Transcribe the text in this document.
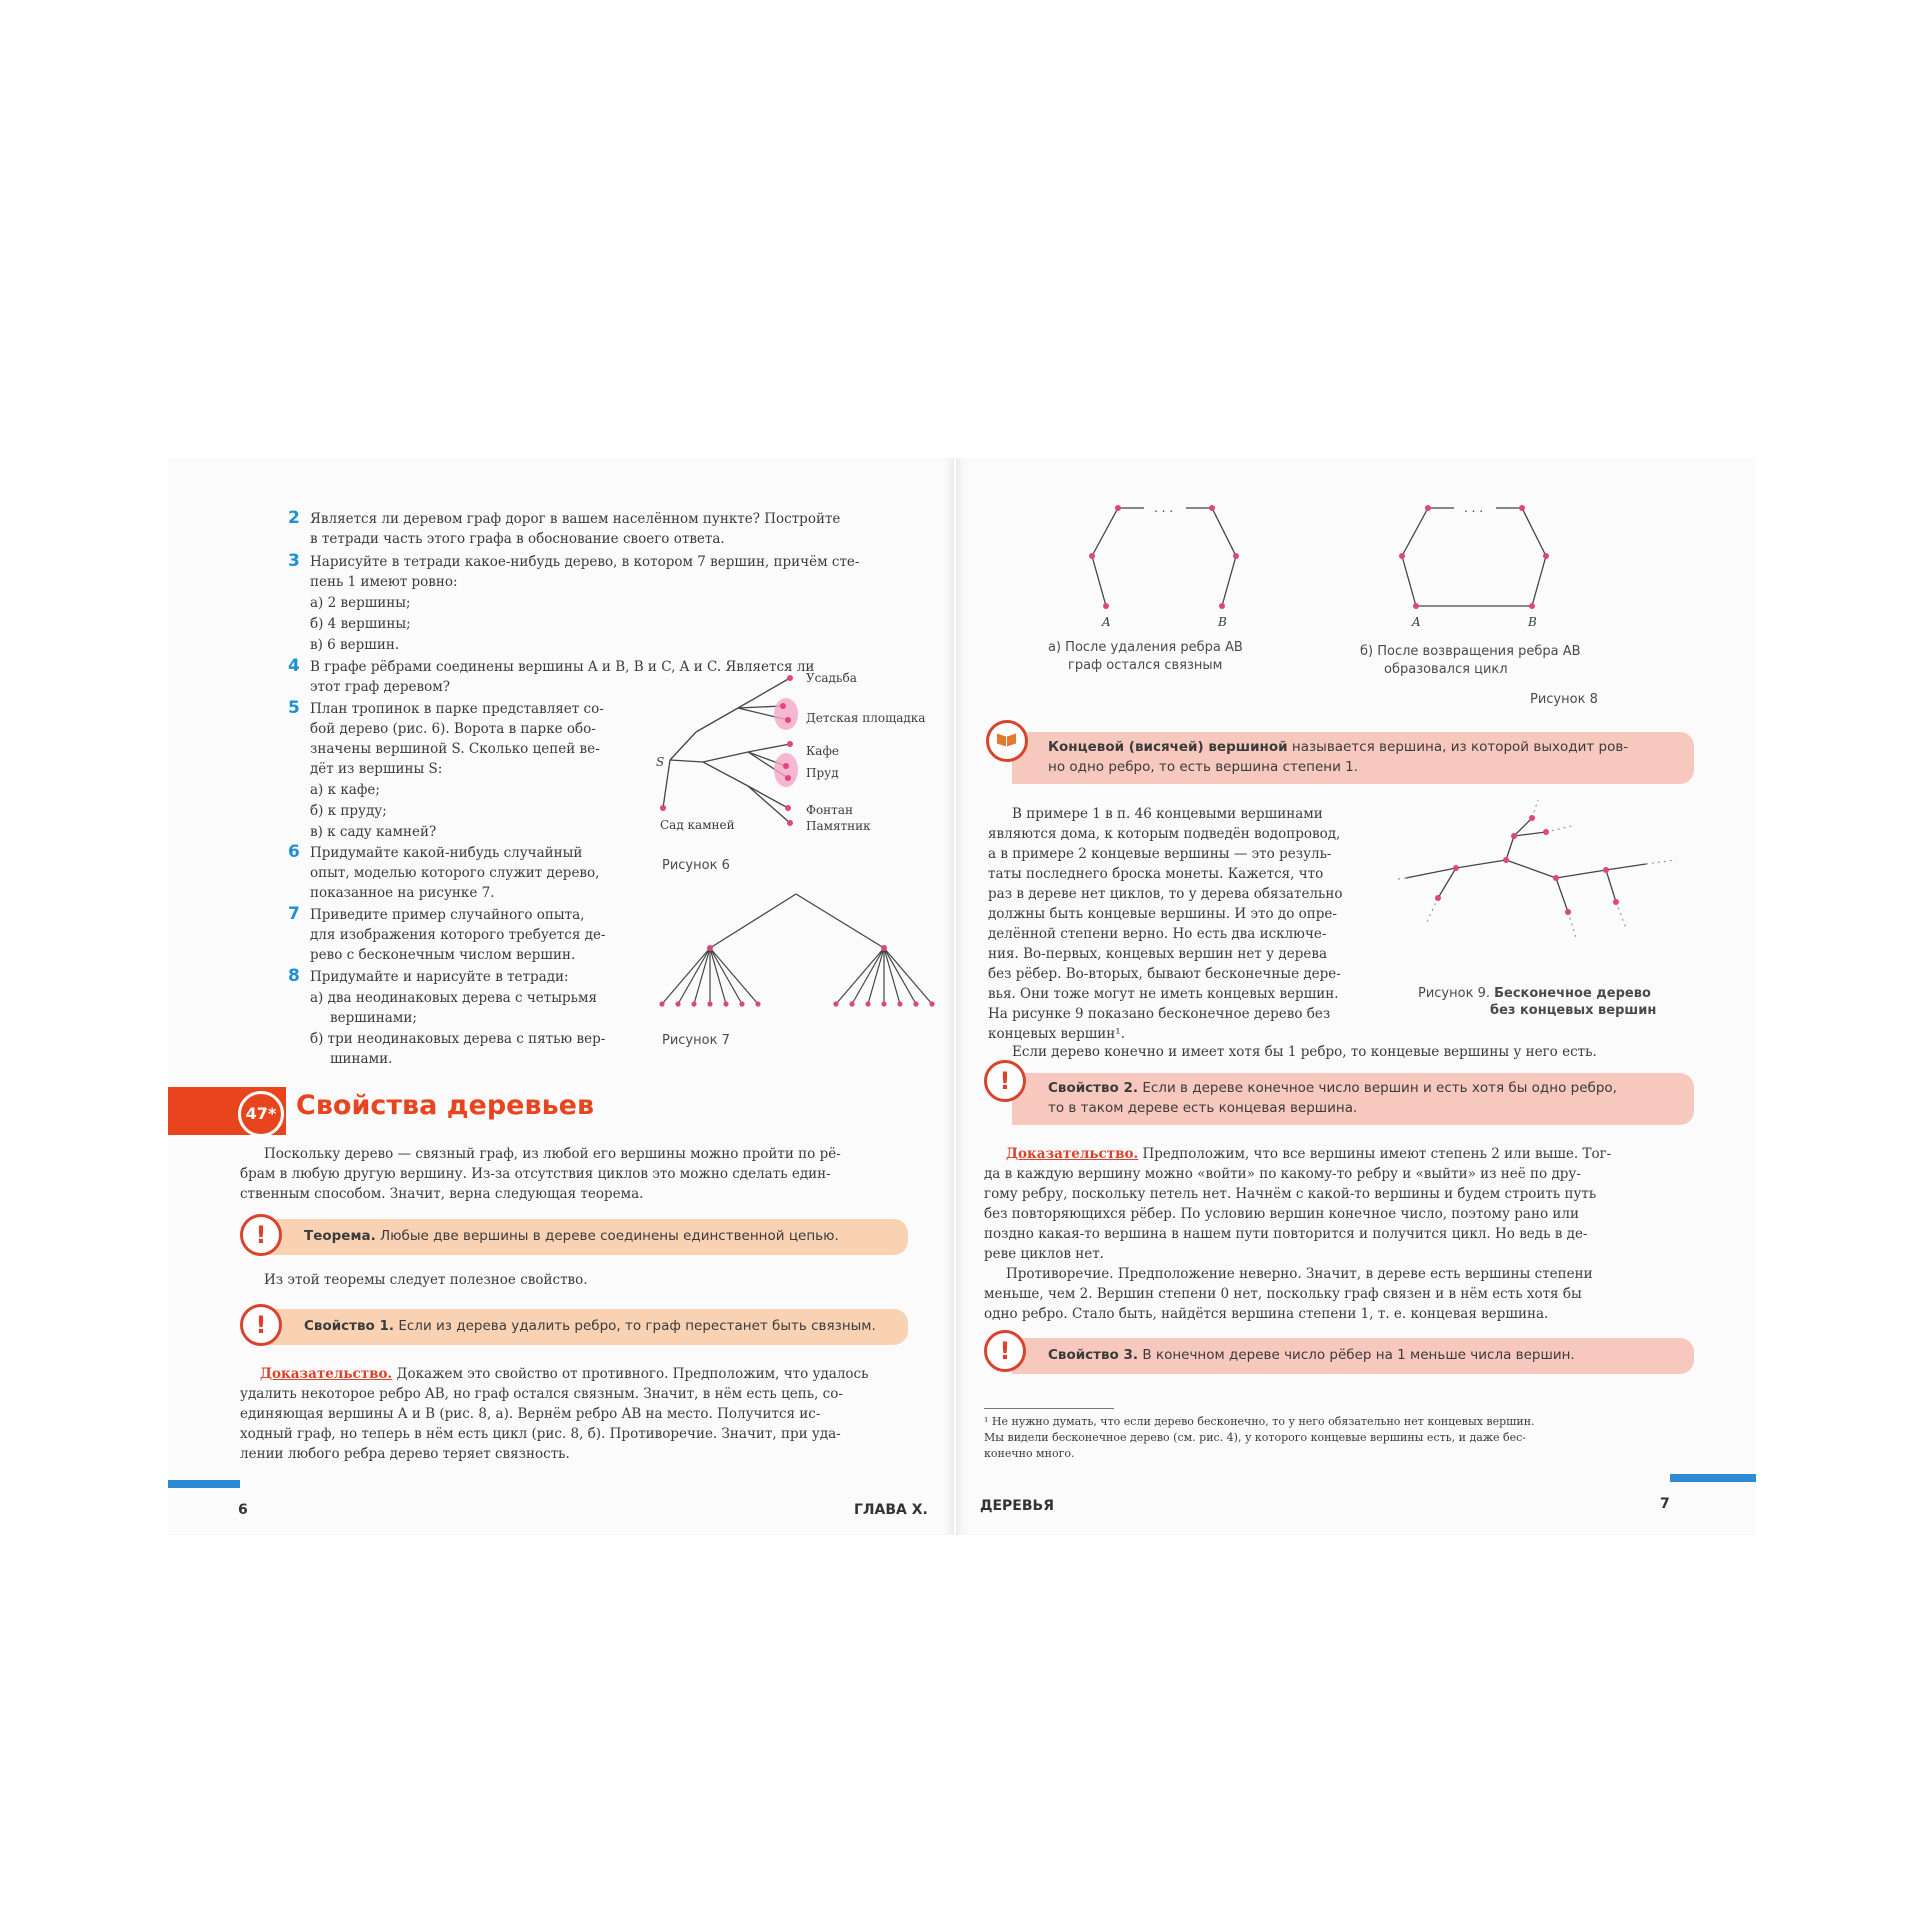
2 Является ли деревом граф дорог в вашем населённом пункте? Постройте
в тетради часть этого графа в обоснование своего ответа.
3 Нарисуйте в тетради какое-нибудь дерево, в котором 7 вершин, причём сте-
пень 1 имеют ровно:
а) 2 вершины;
б) 4 вершины;
в) 6 вершин.
4 В графе рёбрами соединены вершины A и B, B и C, A и C. Является ли
этот граф деревом?
5 План тропинок в парке представляет со-
бой дерево (рис. 6). Ворота в парке обо-
значены вершиной S. Сколько цепей ве-
дёт из вершины S:
а) к кафе;
б) к пруду;
в) к саду камней?
6 Придумайте какой-нибудь случайный
опыт, моделью которого служит дерево,
показанное на рисунке 7.
7 Приведите пример случайного опыта,
для изображения которого требуется де-
рево с бесконечным числом вершин.
8 Придумайте и нарисуйте в тетради:
а) два неодинаковых дерева с четырьмя
вершинами;
б) три неодинаковых дерева с пятью вер-
шинами.
S
Усадьба
Детская площадка
Кафе
Пруд
Фонтан
Памятник
Сад камней
Рисунок 6
Рисунок 7
47* Свойства деревьев
Поскольку дерево — связный граф, из любой его вершины можно пройти по рё-
брам в любую другую вершину. Из-за отсутствия циклов это можно сделать един-
ственным способом. Значит, верна следующая теорема.
Теорема. Любые две вершины в дереве соединены единственной цепью.
!
Из этой теоремы следует полезное свойство.
Свойство 1. Если из дерева удалить ребро, то граф перестанет быть связным.
!
Доказательство. Докажем это свойство от противного. Предположим, что удалось
удалить некоторое ребро AB, но граф остался связным. Значит, в нём есть цепь, со-
единяющая вершины A и B (рис. 8, а). Вернём ребро AB на место. Получится ис-
ходный граф, но теперь в нём есть цикл (рис. 8, б). Противоречие. Значит, при уда-
лении любого ребра дерево теряет связность.
6	ГЛАВА X.
. . .
A	B
а) После удаления ребра AB
граф остался связным
. . .
A	B
б) После возвращения ребра AB
образовался цикл
Рисунок 8
Концевой (висячей) вершиной называется вершина, из которой выходит ров-
но одно ребро, то есть вершина степени 1.
В примере 1 в п. 46 концевыми вершинами
являются дома, к которым подведён водопровод,
а в примере 2 концевые вершины — это резуль-
таты последнего броска монеты. Кажется, что
раз в дереве нет циклов, то у дерева обязательно
должны быть концевые вершины. И это до опре-
делённой степени верно. Но есть два исключе-
ния. Во-первых, концевых вершин нет у дерева
без рёбер. Во-вторых, бывают бесконечные дере-
вья. Они тоже могут не иметь концевых вершин.
На рисунке 9 показано бесконечное дерево без
концевых вершин¹.
Рисунок 9. Бесконечное дерево
без концевых вершин
Если дерево конечно и имеет хотя бы 1 ребро, то концевые вершины у него есть.
Свойство 2. Если в дереве конечное число вершин и есть хотя бы одно ребро,
то в таком дереве есть концевая вершина.
!
Доказательство. Предположим, что все вершины имеют степень 2 или выше. Тог-
да в каждую вершину можно «войти» по какому-то ребру и «выйти» из неё по дру-
гому ребру, поскольку петель нет. Начнём с какой-то вершины и будем строить путь
без повторяющихся рёбер. По условию вершин конечное число, поэтому рано или
поздно какая-то вершина в нашем пути повторится и получится цикл. Но ведь в де-
реве циклов нет.
Противоречие. Предположение неверно. Значит, в дереве есть вершины степени
меньше, чем 2. Вершин степени 0 нет, поскольку граф связен и в нём есть хотя бы
одно ребро. Стало быть, найдётся вершина степени 1, т. е. концевая вершина.
Свойство 3. В конечном дереве число рёбер на 1 меньше числа вершин.
!
¹ Не нужно думать, что если дерево бесконечно, то у него обязательно нет концевых вершин.
Мы видели бесконечное дерево (см. рис. 4), у которого концевые вершины есть, и даже бес-
конечно много.
ДЕРЕВЬЯ	7
